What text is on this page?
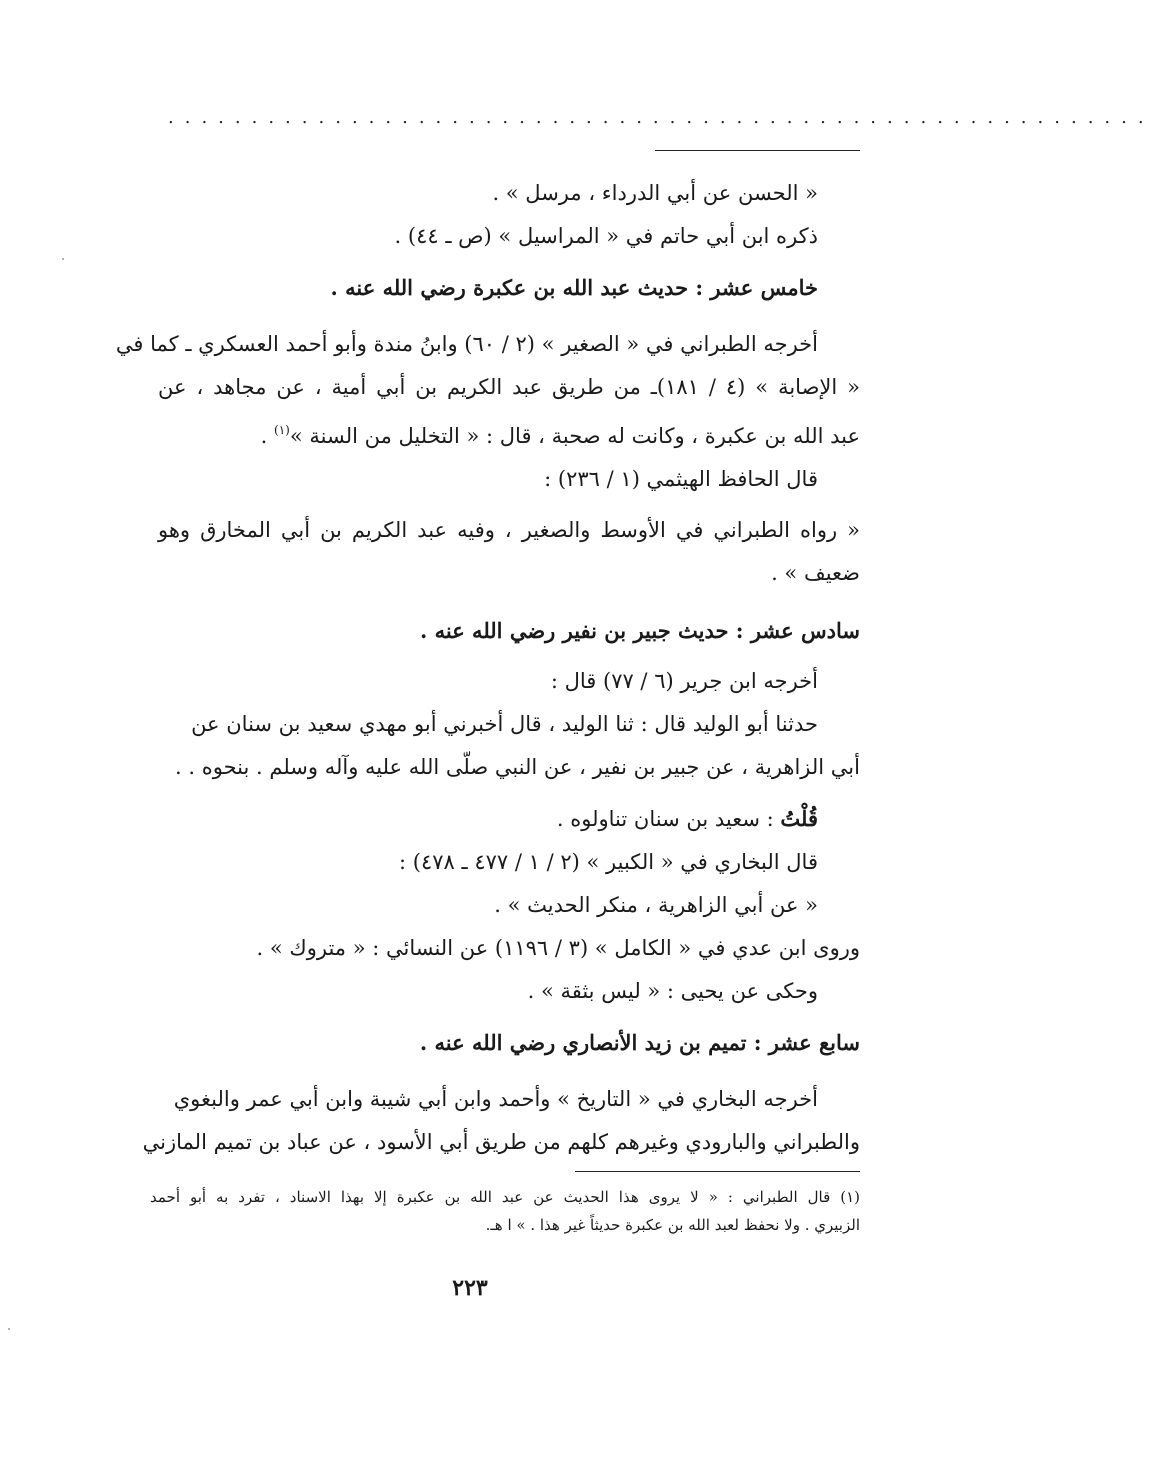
...........................................................
« الحسن عن أبي الدرداء ، مرسل » .
ذكره ابن أبي حاتم في « المراسيل » (ص ـ ٤٤) .
خامس عشر : حديث عبد الله بن عكبرة رضي الله عنه .
أخرجه الطبراني في « الصغير » (٢ / ٦٠) وابنُ مندة وأبو أحمد العسكري ـ كما في
« الإصابة » (٤ / ١٨١)ـ من طريق عبد الكريم بن أبي أمية ، عن مجاهد ، عن
عبد الله بن عكبرة ، وكانت له صحبة ، قال : « التخليل من السنة »$^{(١)}$ .
قال الحافظ الهيثمي (١ / ٢٣٦) :
« رواه الطبراني في الأوسط والصغير ، وفيه عبد الكريم بن أبي المخارق وهو
ضعيف » .
سادس عشر : حديث جبير بن نفير رضي الله عنه .
أخرجه ابن جرير (٦ / ٧٧) قال :
حدثنا أبو الوليد قال : ثنا الوليد ، قال أخبرني أبو مهدي سعيد بن سنان عن
أبي الزاهرية ، عن جبير بن نفير ، عن النبي صلّى الله عليه وآله وسلم . بنحوه . .
قُلْتُ : سعيد بن سنان تناولوه .
قال البخاري في « الكبير » (٢ / ١ / ٤٧٧ ـ ٤٧٨) :
« عن أبي الزاهرية ، منكر الحديث » .
وروى ابن عدي في « الكامل » (٣ / ١١٩٦) عن النسائي : « متروك » .
وحكى عن يحيى : « ليس بثقة » .
سابع عشر : تميم بن زيد الأنصاري رضي الله عنه .
أخرجه البخاري في « التاريخ » وأحمد وابن أبي شيبة وابن أبي عمر والبغوي
والطبراني والبارودي وغيرهم كلهم من طريق أبي الأسود ، عن عباد بن تميم المازني
(١) قال الطبراني : « لا يروى هذا الحديث عن عبد الله بن عكبرة إلا بهذا الاسناد ، تفرد به أبو أحمد
الزبيري . ولا نحفظ لعبد الله بن عكبرة حديثاً غير هذا . » ا هـ.
٢٢٣
